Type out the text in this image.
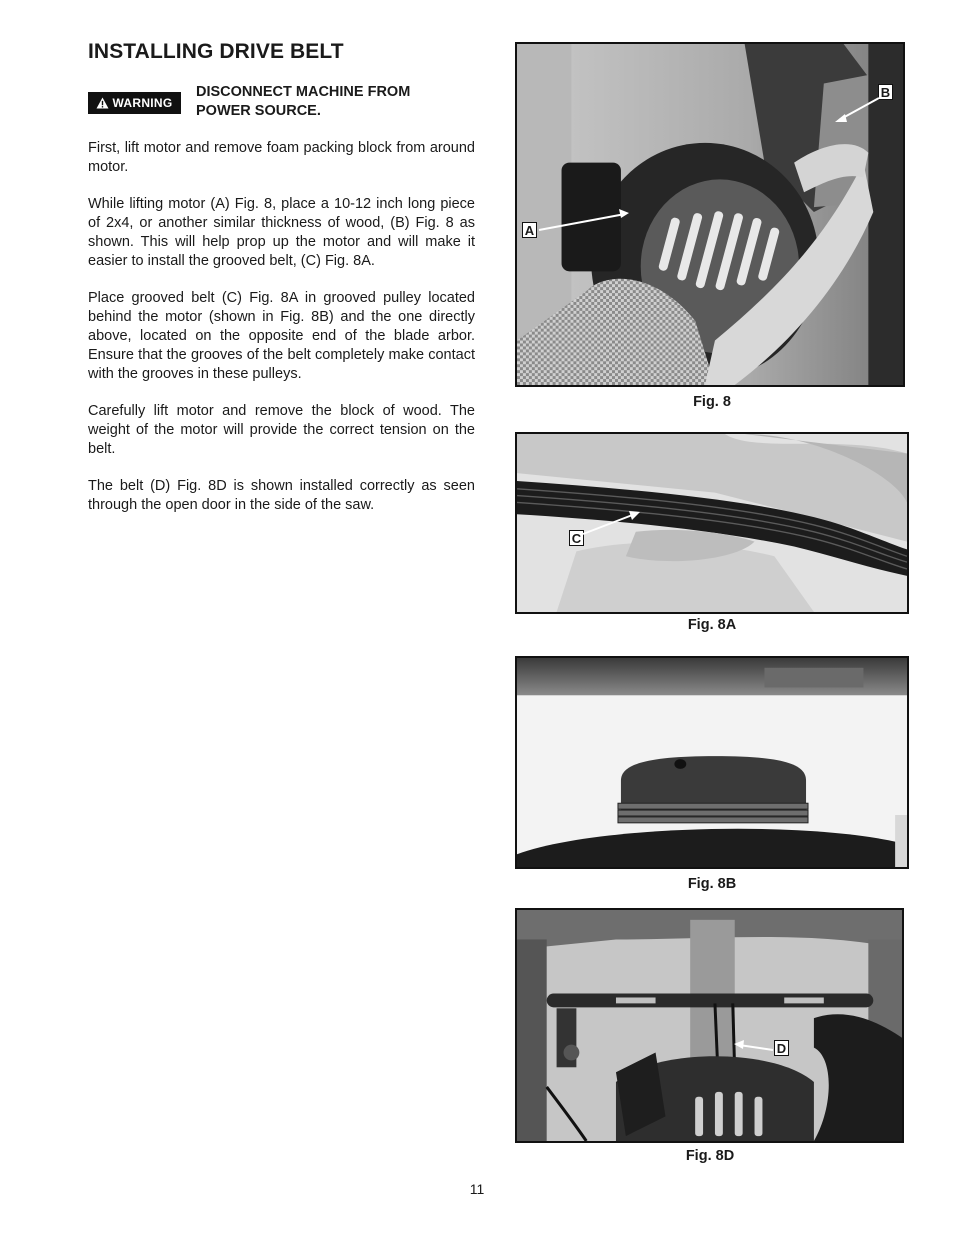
INSTALLING DRIVE BELT
WARNING
DISCONNECT MACHINE FROM POWER SOURCE.

First, lift motor and remove foam packing block from around motor.

While lifting motor (A) Fig. 8, place a 10-12 inch long piece of 2x4, or another similar thickness of wood, (B) Fig. 8 as shown. This will help prop up the motor and will make it easier to install the grooved belt, (C) Fig. 8A.

Place grooved belt (C) Fig. 8A in grooved pulley located behind the motor (shown in Fig. 8B) and the one directly above, located on the opposite end of the blade arbor. Ensure that the grooves of the belt completely make contact with the grooves in these pulleys.

Carefully lift motor and remove the block of wood. The weight of the motor will provide the correct tension on the belt.

The belt (D) Fig. 8D is shown installed correctly as seen through the open door in the side of the saw.

A
B
Fig. 8
C
Fig. 8A
Fig. 8B
D
Fig. 8D
11
